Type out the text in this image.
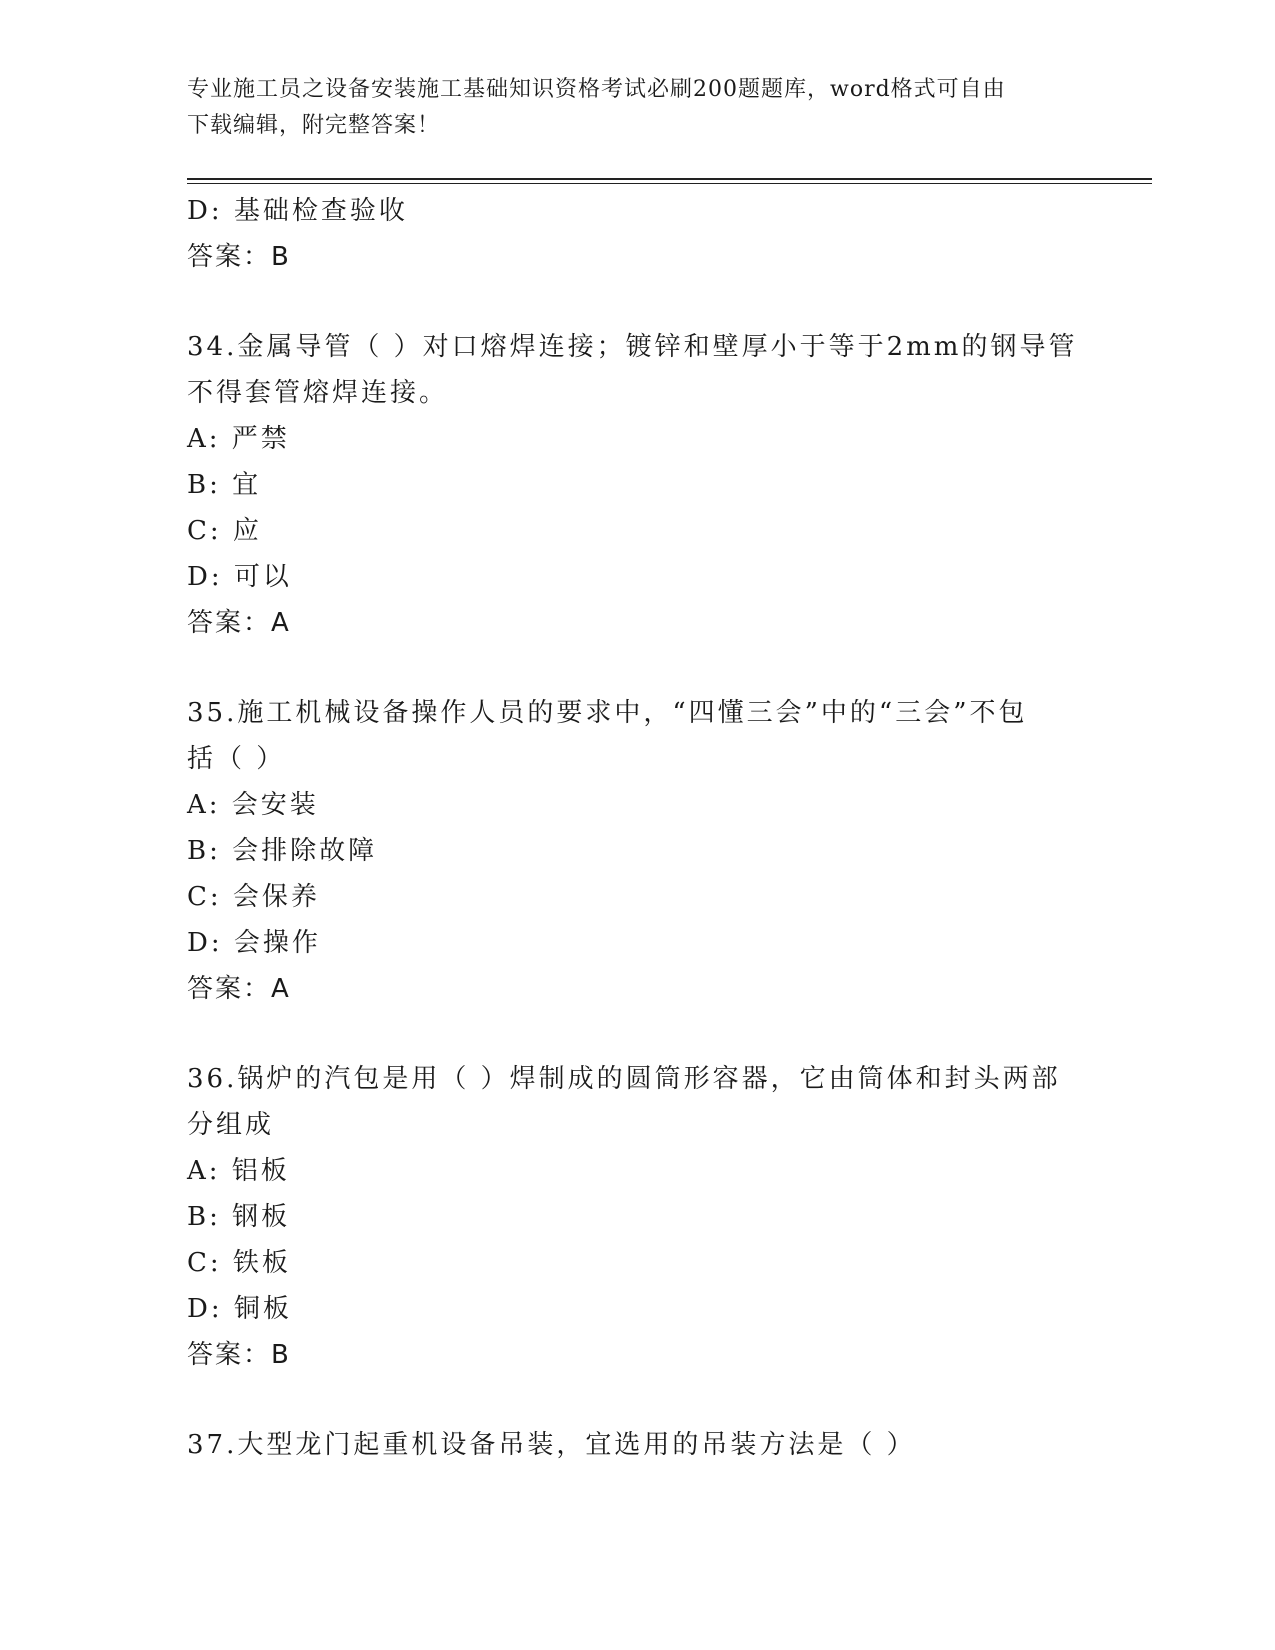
专业施工员之设备安装施工基础知识资格考试必刷200题题库，word格式可自由
下载编辑，附完整答案！
D: 基础检查验收
答案：B
34.金属导管（ ）对口熔焊连接；镀锌和壁厚小于等于2mm的钢导管
不得套管熔焊连接。
A: 严禁
B: 宜
C: 应
D: 可以
答案：A
35.施工机械设备操作人员的要求中，“四懂三会”中的“三会”不包
括（ ）
A: 会安装
B: 会排除故障
C: 会保养
D: 会操作
答案：A
36.锅炉的汽包是用（ ）焊制成的圆筒形容器，它由筒体和封头两部
分组成
A: 铝板
B: 钢板
C: 铁板
D: 铜板
答案：B
37.大型龙门起重机设备吊装，宜选用的吊装方法是（ ）
